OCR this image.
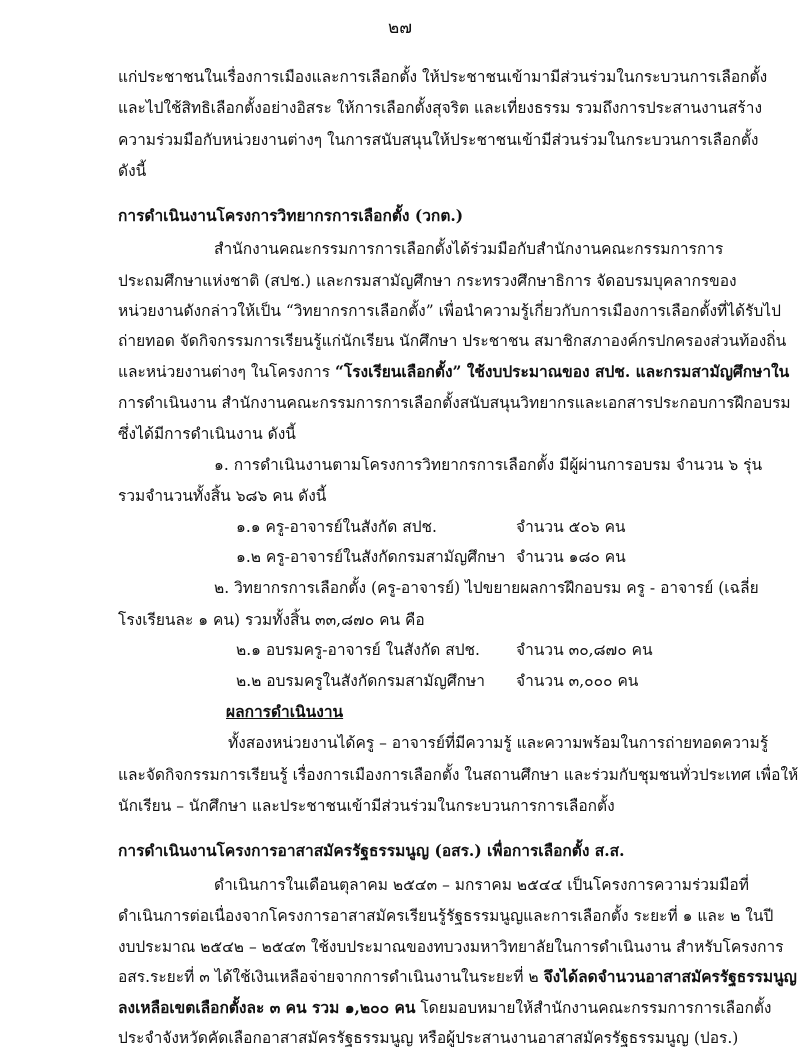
๒๗
แก่ประชาชนในเรื่องการเมืองและการเลือกตั้ง ให้ประชาชนเข้ามามีส่วนร่วมในกระบวนการเลือกตั้ง
และไปใช้สิทธิเลือกตั้งอย่างอิสระ ให้การเลือกตั้งสุจริต และเที่ยงธรรม รวมถึงการประสานงานสร้าง
ความร่วมมือกับหน่วยงานต่างๆ ในการสนับสนุนให้ประชาชนเข้ามีส่วนร่วมในกระบวนการเลือกตั้ง
ดังนี้
การดำเนินงานโครงการวิทยากรการเลือกตั้ง (วกต.)
สำนักงานคณะกรรมการการเลือกตั้งได้ร่วมมือกับสำนักงานคณะกรรมการการ
ประถมศึกษาแห่งชาติ (สปช.) และกรมสามัญศึกษา กระทรวงศึกษาธิการ จัดอบรมบุคลากรของ
หน่วยงานดังกล่าวให้เป็น “วิทยากรการเลือกตั้ง” เพื่อนำความรู้เกี่ยวกับการเมืองการเลือกตั้งที่ได้รับไป
ถ่ายทอด จัดกิจกรรมการเรียนรู้แก่นักเรียน นักศึกษา ประชาชน สมาชิกสภาองค์กรปกครองส่วนท้องถิ่น
และหน่วยงานต่างๆ ในโครงการ “โรงเรียนเลือกตั้ง” ใช้งบประมาณของ สปช. และกรมสามัญศึกษาใน
การดำเนินงาน สำนักงานคณะกรรมการการเลือกตั้งสนับสนุนวิทยากรและเอกสารประกอบการฝึกอบรม
ซึ่งได้มีการดำเนินงาน ดังนี้
๑. การดำเนินงานตามโครงการวิทยากรการเลือกตั้ง มีผู้ผ่านการอบรม จำนวน ๖ รุ่น
รวมจำนวนทั้งสิ้น ๖๘๖ คน ดังนี้
๑.๑ ครู-อาจารย์ในสังกัด สปช.	จำนวน ๕๐๖ คน
๑.๒ ครู-อาจารย์ในสังกัดกรมสามัญศึกษา จำนวน ๑๘๐ คน
๒. วิทยากรการเลือกตั้ง (ครู-อาจารย์) ไปขยายผลการฝึกอบรม ครู - อาจารย์ (เฉลี่ย
โรงเรียนละ ๑ คน) รวมทั้งสิ้น ๓๓,๘๗๐ คน คือ
๒.๑ อบรมครู-อาจารย์ ในสังกัด สปช. จำนวน ๓๐,๘๗๐ คน
๒.๒ อบรมครูในสังกัดกรมสามัญศึกษา จำนวน ๓,๐๐๐ คน
ผลการดำเนินงาน
ทั้งสองหน่วยงานได้ครู – อาจารย์ที่มีความรู้ และความพร้อมในการถ่ายทอดความรู้
และจัดกิจกรรมการเรียนรู้ เรื่องการเมืองการเลือกตั้ง ในสถานศึกษา และร่วมกับชุมชนทั่วประเทศ เพื่อให้
นักเรียน – นักศึกษา และประชาชนเข้ามีส่วนร่วมในกระบวนการการเลือกตั้ง
การดำเนินงานโครงการอาสาสมัครรัฐธรรมนูญ (อสร.) เพื่อการเลือกตั้ง ส.ส.
ดำเนินการในเดือนตุลาคม ๒๕๔๓ – มกราคม ๒๕๔๔ เป็นโครงการความร่วมมือที่
ดำเนินการต่อเนื่องจากโครงการอาสาสมัครเรียนรู้รัฐธรรมนูญและการเลือกตั้ง ระยะที่ ๑ และ ๒ ในปี
งบประมาณ ๒๕๔๒ – ๒๕๔๓ ใช้งบประมาณของทบวงมหาวิทยาลัยในการดำเนินงาน สำหรับโครงการ
อสร.ระยะที่ ๓ ได้ใช้เงินเหลือจ่ายจากการดำเนินงานในระยะที่ ๒ จึงได้ลดจำนวนอาสาสมัครรัฐธรรมนูญ
ลงเหลือเขตเลือกตั้งละ ๓ คน รวม ๑,๒๐๐ คน โดยมอบหมายให้สำนักงานคณะกรรมการการเลือกตั้ง
ประจำจังหวัดคัดเลือกอาสาสมัครรัฐธรรมนูญ หรือผู้ประสานงานอาสาสมัครรัฐธรรมนูญ (ปอร.)
